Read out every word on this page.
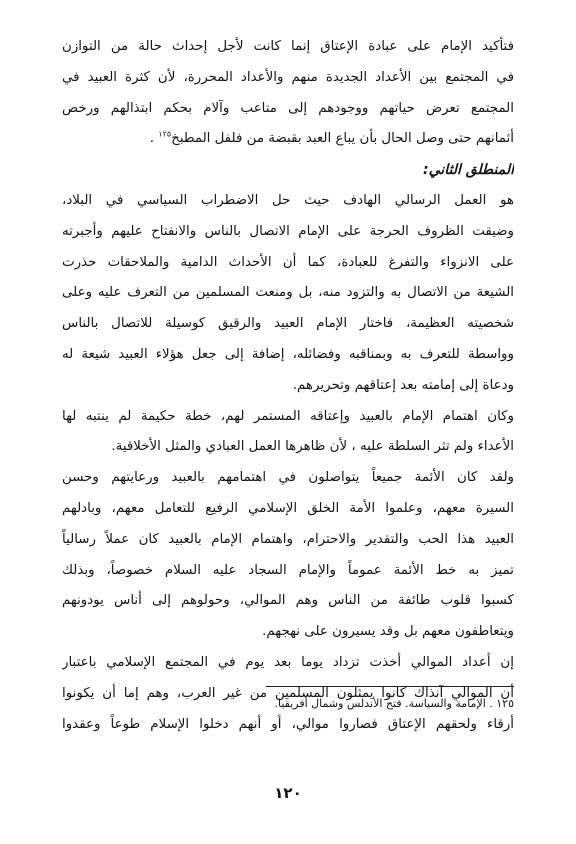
فتأكيد الإمام على عبادة الإعتاق إنما كانت لأجل إحداث حالة من التوازن
في المجتمع بين الأعداد الجديدة منهم والأعداد المحررة، لأن كثرة العبيد في
المجتمع تعرض حياتهم ووجودهم إلى متاعب وآلام بحكم ابتذالهم ورخص
أثمانهم حتى وصل الحال بأن يباع العبد بقبضة من فلفل المطبخ$^{١٢٥}$ .
المنطلق الثاني:
هو العمل الرسالي الهادف حيث حل الاضطراب السياسي في البلاد،
وضيقت الظروف الحرجة على الإمام الاتصال بالناس والانفتاح عليهم وأجبرته
على الانزواء والتفرغ للعبادة، كما أن الأحداث الدامية والملاحقات حذرت
الشيعة من الاتصال به والتزود منه، بل ومنعت المسلمين من التعرف عليه وعلى
شخصيته العظيمة، فاختار الإمام العبيد والرقيق كوسيلة للاتصال بالناس
وواسطة للتعرف به وبمناقبه وفضائله، إضافة إلى جعل هؤلاء العبيد شيعة له
ودعاة إلى إمامته بعد إعتاقهم وتحريرهم.
وكان اهتمام الإمام بالعبيد وإعتاقه المستمر لهم، خطة حكيمة لم ينتبه لها
الأعداء ولم تثر السلطة عليه ، لأن ظاهرها العمل العبادي والمثل الأخلاقية.
ولقد كان الأئمة جميعاً يتواصلون في اهتمامهم بالعبيد ورعايتهم وحسن
السيرة معهم، وعلموا الأمة الخلق الإسلامي الرفيع للتعامل معهم، وبادلهم
العبيد هذا الحب والتقدير والاحترام، واهتمام الإمام بالعبيد كان عملاً رسالياً
تميز به خط الأئمة عموماً والإمام السجاد عليه السلام خصوصاً، وبذلك
كسبوا قلوب طائفة من الناس وهم الموالي، وحولوهم إلى أناس يودونهم
ويتعاطفون معهم بل وقد يسيرون على نهجهم.
إن أعداد الموالي أخذت تزداد يوما بعد يوم في المجتمع الإسلامي باعتبار
أن الموالي آنذاك كانوا يمثلون المسلمين من غير العرب، وهم إما أن يكونوا
أرقاء ولحقهم الإعتاق فصاروا موالي، أو أنهم دخلوا الإسلام طوعاً وعقدوا
١٢٥ . الإمامة والسياسة. فتح الأندلس وشمال أفريقيا.
١٢٠
